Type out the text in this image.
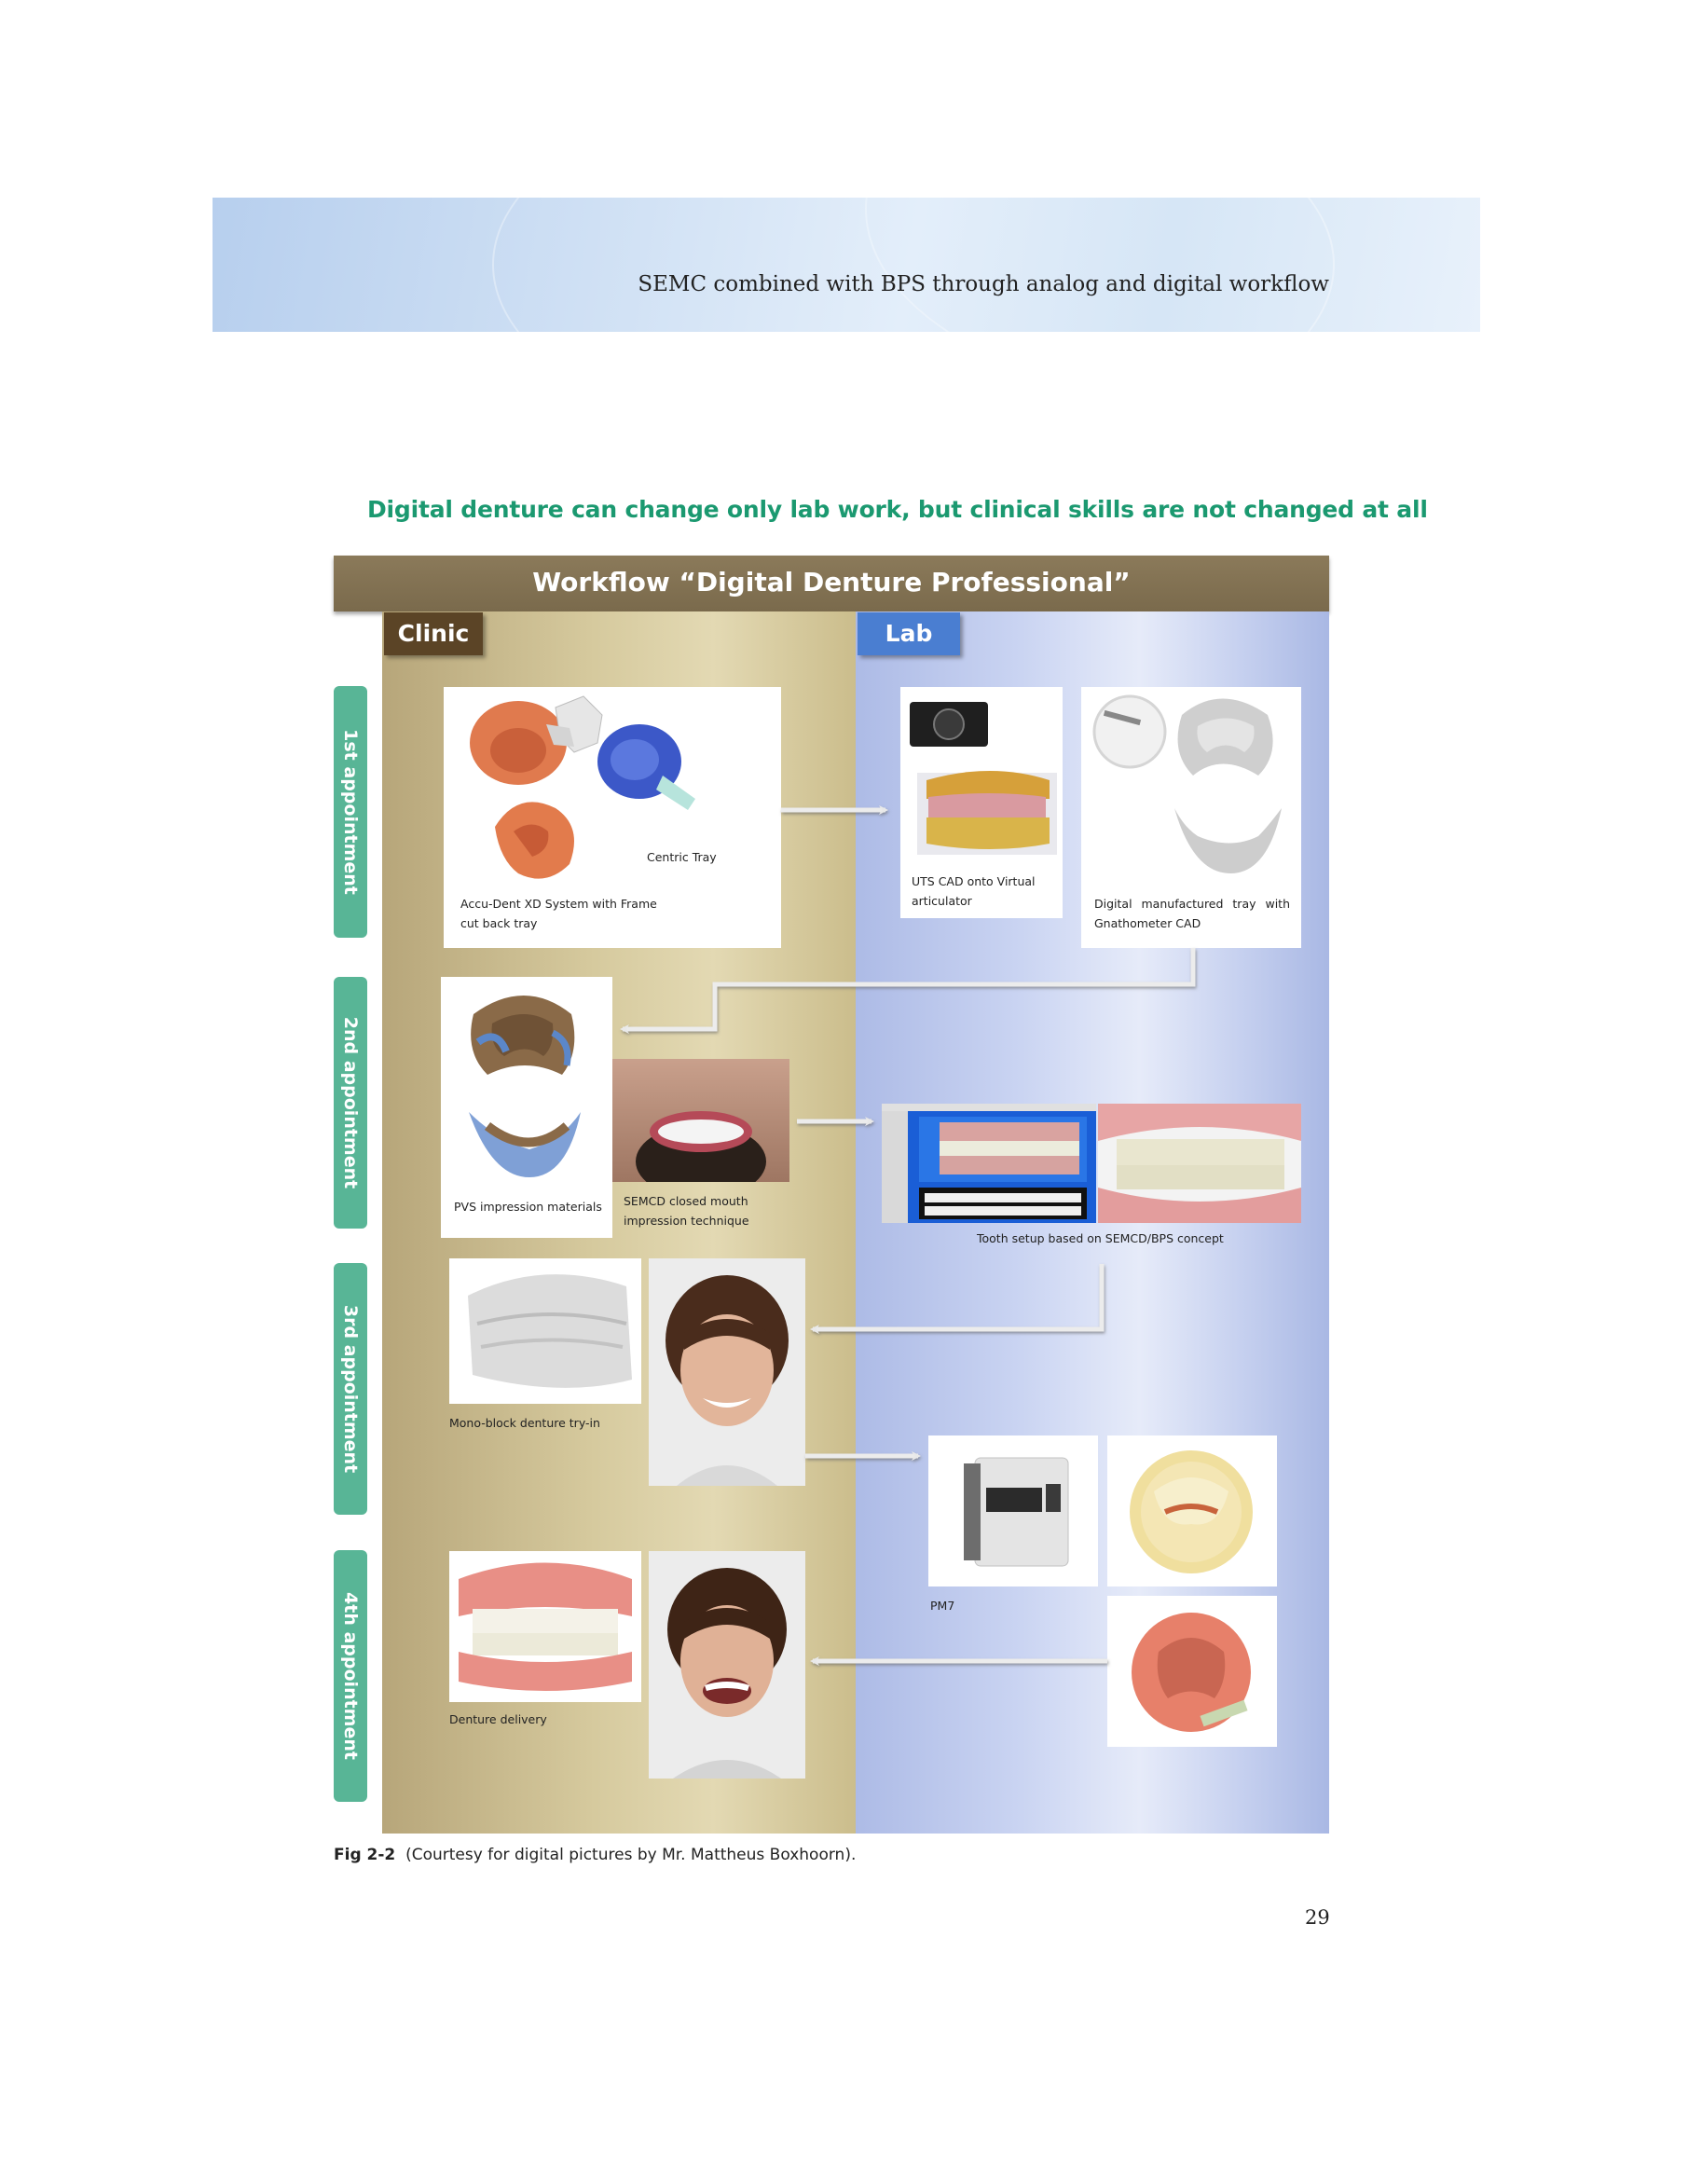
SEMC combined with BPS through analog and digital workflow
Digital denture can change only lab work, but clinical skills are not changed at all
Workflow “Digital Denture Professional”
Clinic	Lab
1st appointment
2nd appointment
3rd appointment
4th appointment
Centric Tray
Accu-Dent XD System with Frame cut back tray
UTS CAD onto Virtual articulator	Digital manufactured tray with Gnathometer CAD
PVS impression materials SEMCD closed mouth impression technique
Tooth setup based on SEMCD/BPS concept
Mono-block denture try-in
PM7
Denture delivery
Fig 2-2 (Courtesy for digital pictures by Mr. Mattheus Boxhoorn).
29
